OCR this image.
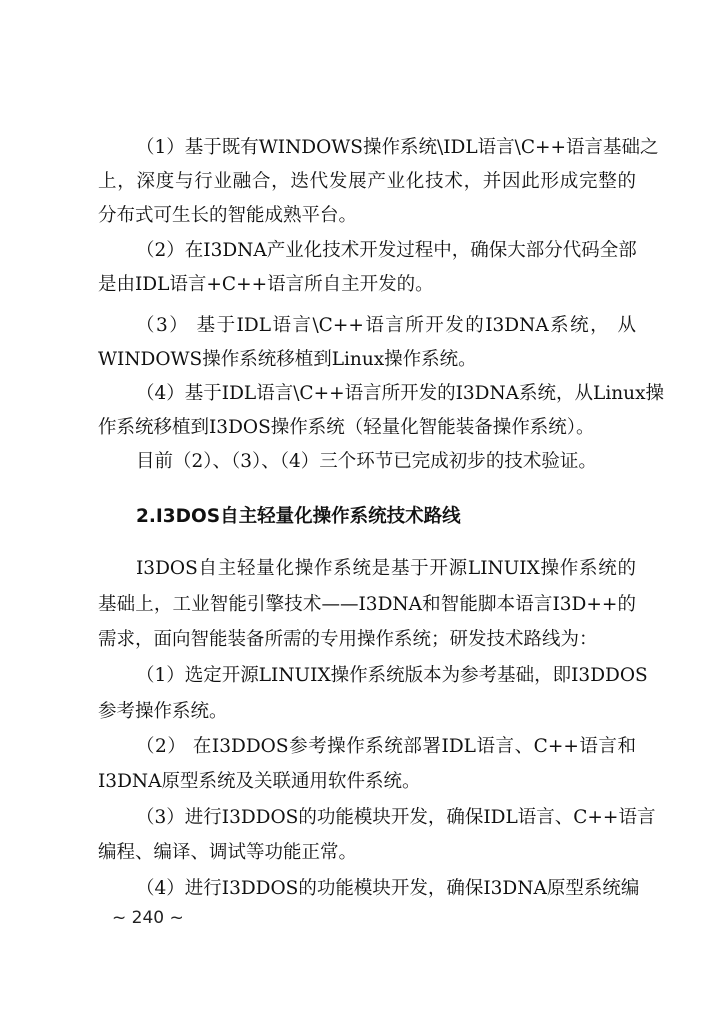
（1）基于既有WINDOWS操作系统\IDL语言\C++语言基础之
上，深度与行业融合，迭代发展产业化技术，并因此形成完整的
分布式可生长的智能成熟平台。
（2）在I3DNA产业化技术开发过程中，确保大部分代码全部
是由IDL语言+C++语言所自主开发的。
（3） 基于IDL语言\C++语言所开发的I3DNA系统， 从
WINDOWS操作系统移植到Linux操作系统。
（4）基于IDL语言\C++语言所开发的I3DNA系统，从Linux操
作系统移植到I3DOS操作系统（轻量化智能装备操作系统）。
目前（2）、（3）、（4）三个环节已完成初步的技术验证。
2.I3DOS自主轻量化操作系统技术路线
I3DOS自主轻量化操作系统是基于开源LINUIX操作系统的
基础上，工业智能引擎技术——I3DNA和智能脚本语言I3D++的
需求，面向智能装备所需的专用操作系统；研发技术路线为：
（1）选定开源LINUIX操作系统版本为参考基础，即I3DDOS
参考操作系统。
（2） 在I3DDOS参考操作系统部署IDL语言、C++语言和
I3DNA原型系统及关联通用软件系统。
（3）进行I3DDOS的功能模块开发，确保IDL语言、C++语言
编程、编译、调试等功能正常。
（4）进行I3DDOS的功能模块开发，确保I3DNA原型系统编
~ 240 ~
